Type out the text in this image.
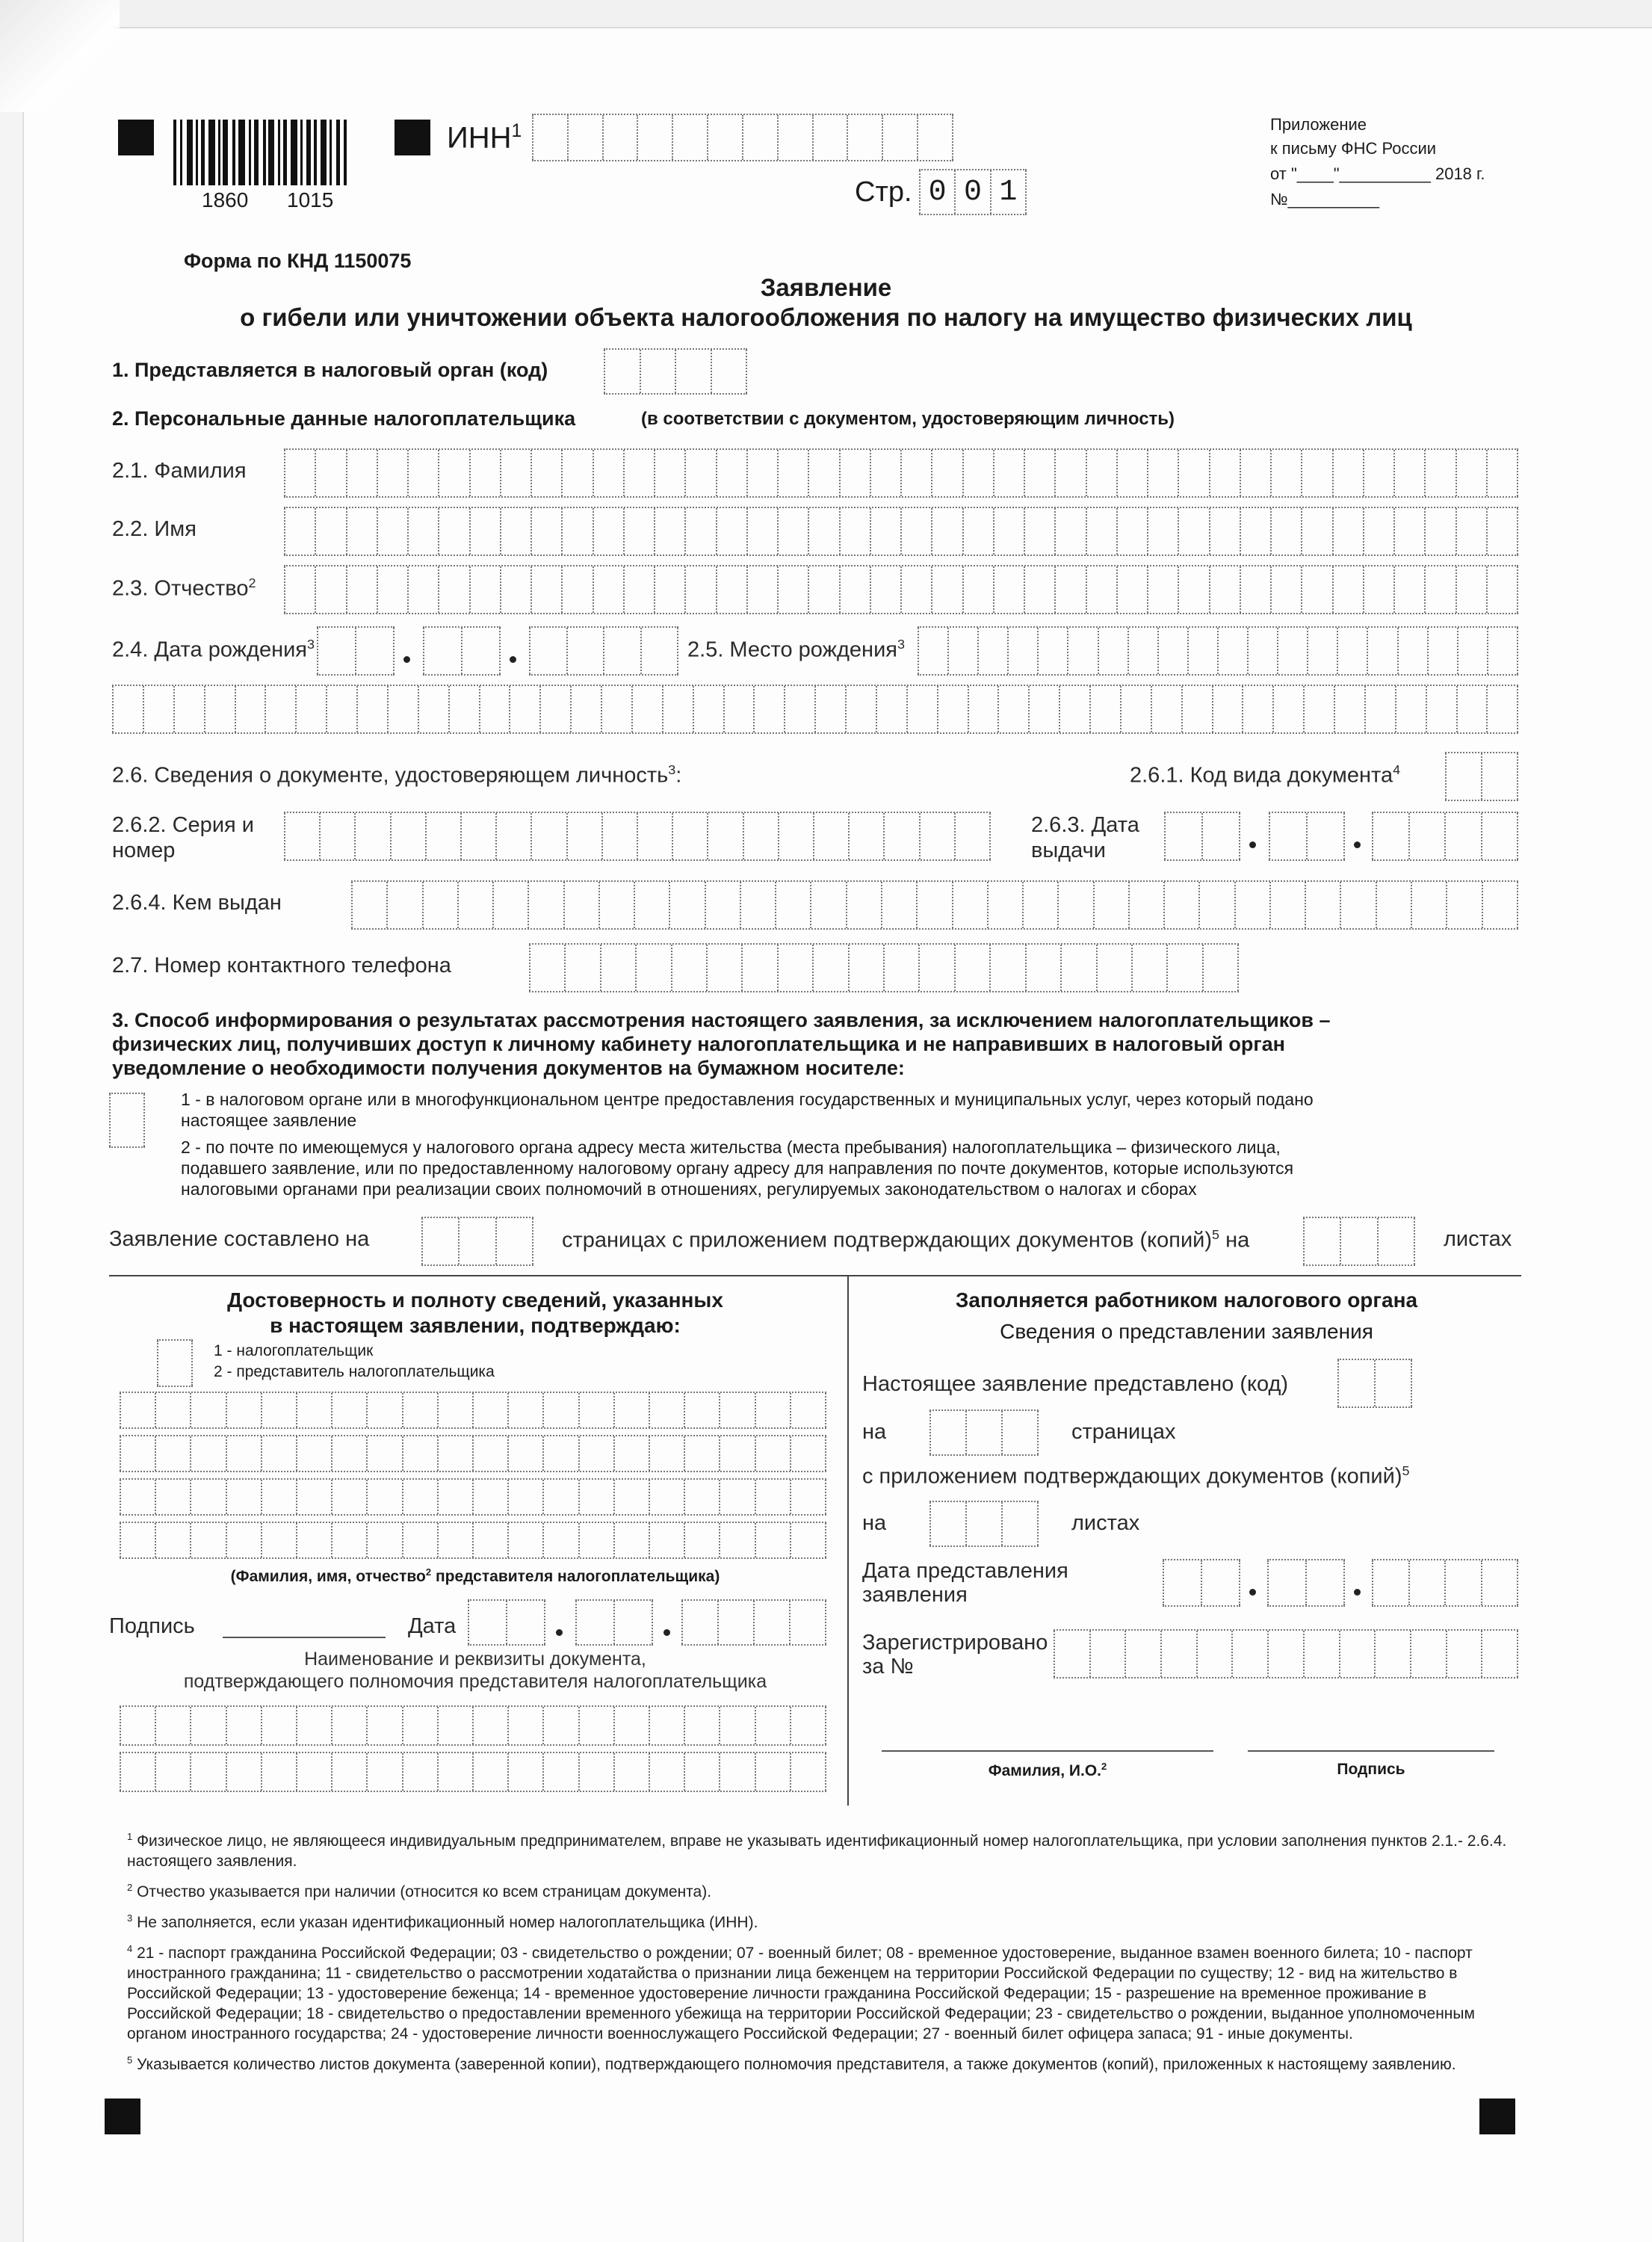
1860 1015
ИНН$^1$
Стр. 0 0 1
Приложение
к письму ФНС России
от "____"__________ 2018 г.
№__________
Форма по КНД 1150075
Заявление
о гибели или уничтожении объекта налогообложения по налогу на имущество физических лиц
1. Представляется в налоговый орган (код)
2. Персональные данные налогоплательщика	(в соответствии с документом, удостоверяющим личность)
2.1. Фамилия
2.2. Имя
2.3. Отчество$^2$
2.4. Дата рождения$^3$	2.5. Место рождения$^3$
2.6. Сведения о документе, удостоверяющем личность$^3$:	2.6.1. Код вида документа$^4$
2.6.2. Серия и
номер
2.6.3. Дата
выдачи
2.6.4. Кем выдан
2.7. Номер контактного телефона
3. Способ информирования о результатах рассмотрения настоящего заявления, за исключением налогоплательщиков –
физических лиц, получивших доступ к личному кабинету налогоплательщика и не направивших в налоговый орган
уведомление о необходимости получения документов на бумажном носителе:
1 - в налоговом органе или в многофункциональном центре предоставления государственных и муниципальных услуг, через который подано
настоящее заявление
2 - по почте по имеющемуся у налогового органа адресу места жительства (места пребывания) налогоплательщика – физического лица,
подавшего заявление, или по предоставленному налоговому органу адресу для направления по почте документов, которые используются
налоговыми органами при реализации своих полномочий в отношениях, регулируемых законодательством о налогах и сборах
Заявление составлено на	страницах с приложением подтверждающих документов (копий)$^5$ на	листах
Достоверность и полноту сведений, указанных
в настоящем заявлении, подтверждаю:
1 - налогоплательщик
2 - представитель налогоплательщика
(Фамилия, имя, отчество$^2$ представителя налогоплательщика)
Подпись	Дата
Наименование и реквизиты документа,
подтверждающего полномочия представителя налогоплательщика
Заполняется работником налогового органа
Сведения о представлении заявления
Настоящее заявление представлено (код)
на	страницах
с приложением подтверждающих документов (копий)$^5$
на	листах
Дата представления
заявления
Зарегистрировано
за №
Фамилия, И.О.$^2$	Подпись
$^1$ Физическое лицо, не являющееся индивидуальным предпринимателем, вправе не указывать идентификационный номер налогоплательщика, при условии заполнения пунктов 2.1.- 2.6.4. настоящего заявления.
$^2$ Отчество указывается при наличии (относится ко всем страницам документа).
$^3$ Не заполняется, если указан идентификационный номер налогоплательщика (ИНН).
$^4$ 21 - паспорт гражданина Российской Федерации; 03 - свидетельство о рождении; 07 - военный билет; 08 - временное удостоверение, выданное взамен военного билета; 10 - паспорт иностранного гражданина; 11 - свидетельство о рассмотрении ходатайства о признании лица беженцем на территории Российской Федерации по существу; 12 - вид на жительство в Российской Федерации; 13 - удостоверение беженца; 14 - временное удостоверение личности гражданина Российской Федерации; 15 - разрешение на временное проживание в Российской Федерации; 18 - свидетельство о предоставлении временного убежища на территории Российской Федерации; 23 - свидетельство о рождении, выданное уполномоченным органом иностранного государства; 24 - удостоверение личности военнослужащего Российской Федерации; 27 - военный билет офицера запаса; 91 - иные документы.
$^5$ Указывается количество листов документа (заверенной копии), подтверждающего полномочия представителя, а также документов (копий), приложенных к настоящему заявлению.
